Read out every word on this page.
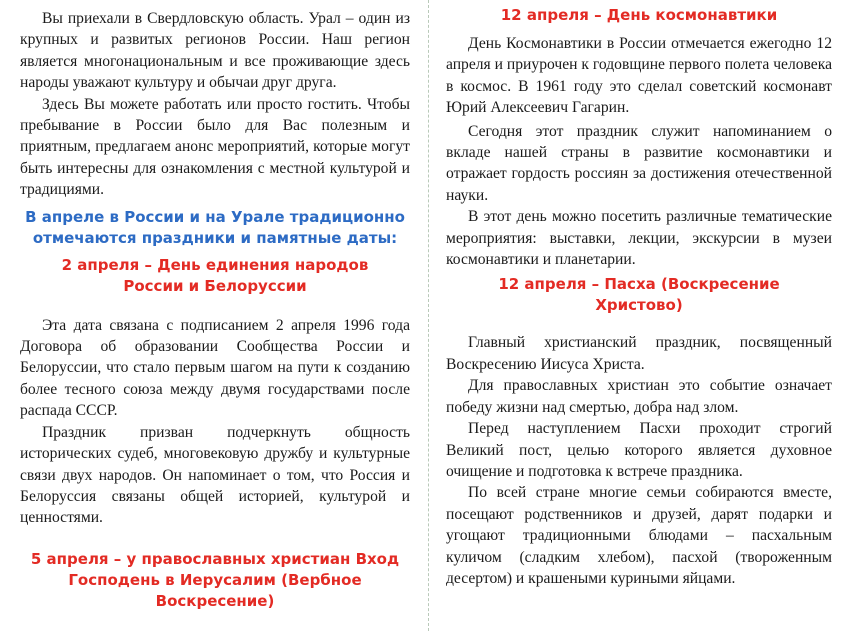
Вы приехали в Свердловскую область. Урал – один из крупных и развитых регионов России. Наш регион является многонациональным и все проживающие здесь народы уважают культуру и обычаи друг друга.

Здесь Вы можете работать или просто гостить. Чтобы пребывание в России было для Вас полезным и приятным, предлагаем анонс мероприятий, которые могут быть интересны для ознакомления с местной культурой и традициями.

В апреле в России и на Урале традиционно отмечаются праздники и памятные даты:

2 апреля – День единения народов России и Белоруссии

Эта дата связана с подписанием 2 апреля 1996 года Договора об образовании Сообщества России и Белоруссии, что стало первым шагом на пути к созданию более тесного союза между двумя государствами после распада СССР.

Праздник призван подчеркнуть общность исторических судеб, многовековую дружбу и культурные связи двух народов. Он напоминает о том, что Россия и Белоруссия связаны общей историей, культурой и ценностями.

5 апреля – у православных христиан Вход Господень в Иерусалим (Вербное Воскресение)

12 апреля – День космонавтики

День Космонавтики в России отмечается ежегодно 12 апреля и приурочен к годовщине первого полета человека в космос. В 1961 году это сделал советский космонавт Юрий Алексеевич Гагарин.

Сегодня этот праздник служит напоминанием о вкладе нашей страны в развитие космонавтики и отражает гордость россиян за достижения отечественной науки.

В этот день можно посетить различные тематические мероприятия: выставки, лекции, экскурсии в музеи космонавтики и планетарии.

12 апреля – Пасха (Воскресение Христово)

Главный христианский праздник, посвященный Воскресению Иисуса Христа.

Для православных христиан это событие означает победу жизни над смертью, добра над злом.

Перед наступлением Пасхи проходит строгий Великий пост, целью которого является духовное очищение и подготовка к встрече праздника.

По всей стране многие семьи собираются вместе, посещают родственников и друзей, дарят подарки и угощают традиционными блюдами – пасхальным куличом (сладким хлебом), пасхой (твороженным десертом) и крашеными куриными яйцами.
